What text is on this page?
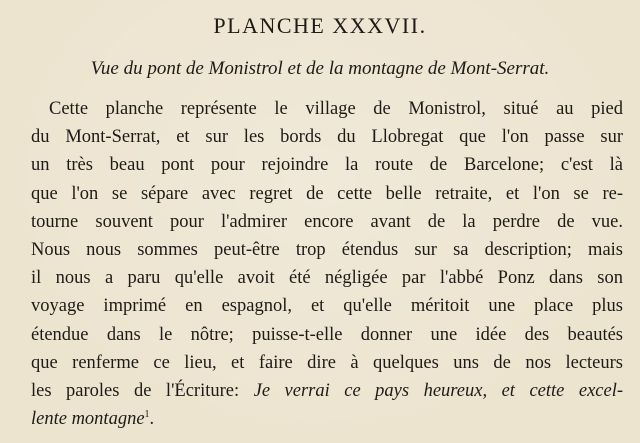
PLANCHE XXXVII.

Vue du pont de Monistrol et de la montagne de Mont-Serrat.

Cette planche représente le village de Monistrol, situé au pied
du Mont-Serrat, et sur les bords du Llobregat que l'on passe sur
un très beau pont pour rejoindre la route de Barcelone; c'est là
que l'on se sépare avec regret de cette belle retraite, et l'on se re-
tourne souvent pour l'admirer encore avant de la perdre de vue.
Nous nous sommes peut-être trop étendus sur sa description; mais
il nous a paru qu'elle avoit été négligée par l'abbé Ponz dans son
voyage imprimé en espagnol, et qu'elle méritoit une place plus
étendue dans le nôtre; puisse-t-elle donner une idée des beautés
que renferme ce lieu, et faire dire à quelques uns de nos lecteurs
les paroles de l'Écriture: Je verrai ce pays heureux, et cette excel-
lente montagne$^1$.
